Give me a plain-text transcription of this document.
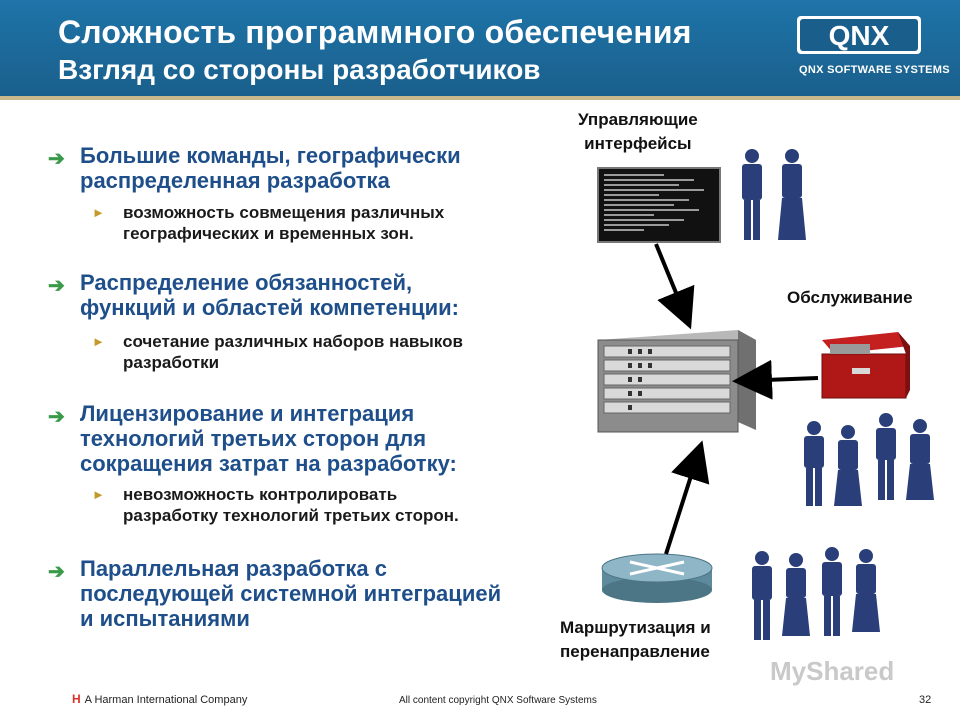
Сложность программного обеспечения
Взгляд со стороны разработчиков
QNX
QNX SOFTWARE SYSTEMS
➔ Большие команды, географически
распределенная разработка
► возможность совмещения различных
географических и временных зон.
➔ Распределение обязанностей,
функций и областей компетенции:
► сочетание различных наборов навыков
разработки
➔ Лицензирование и интеграция
технологий третьих сторон для
сокращения затрат на разработку:
► невозможность контролировать
разработку технологий третьих сторон.
➔ Параллельная разработка с
последующей системной интеграцией
и испытаниями
Управляющие
интерфейсы
Обслуживание
Маршрутизация и
перенаправление
H A Harman International Company	All content copyright QNX Software Systems	32
MyShared
